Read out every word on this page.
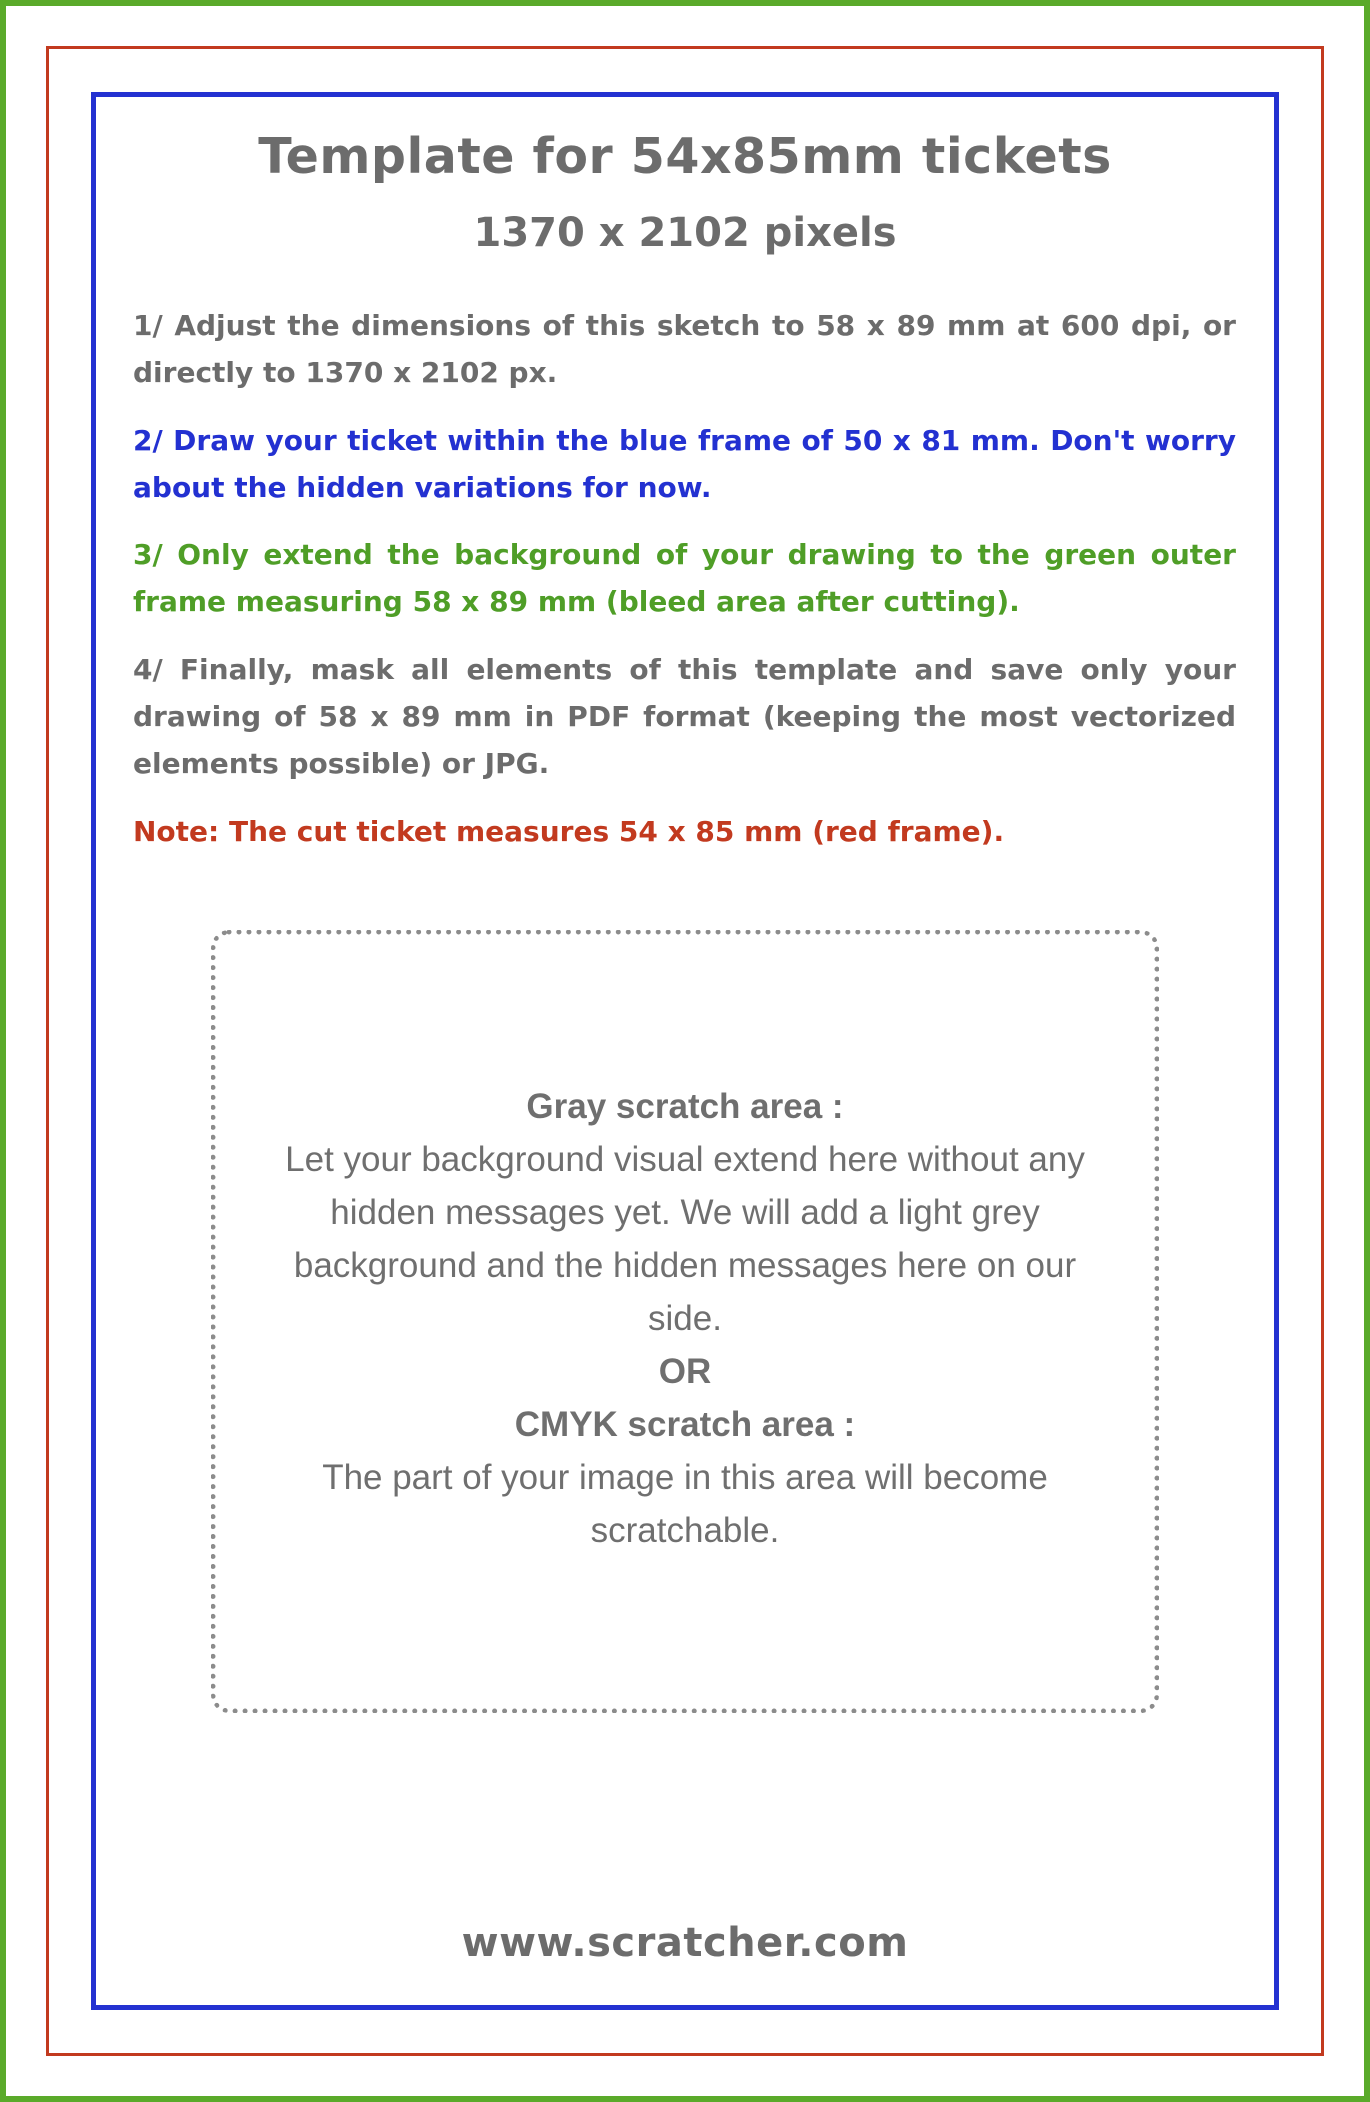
Template for 54x85mm tickets
1370 x 2102 pixels

1/ Adjust the dimensions of this sketch to 58 x 89 mm at 600 dpi, or directly to 1370 x 2102 px.

2/ Draw your ticket within the blue frame of 50 x 81 mm. Don't worry about the hidden variations for now.

3/ Only extend the background of your drawing to the green outer frame measuring 58 x 89 mm (bleed area after cutting).

4/ Finally, mask all elements of this template and save only your drawing of 58 x 89 mm in PDF format (keeping the most vectorized elements possible) or JPG.

Note: The cut ticket measures 54 x 85 mm (red frame).

Gray scratch area :
Let your background visual extend here without any hidden messages yet. We will add a light grey background and the hidden messages here on our side.
OR
CMYK scratch area :
The part of your image in this area will become scratchable.
www.scratcher.com
